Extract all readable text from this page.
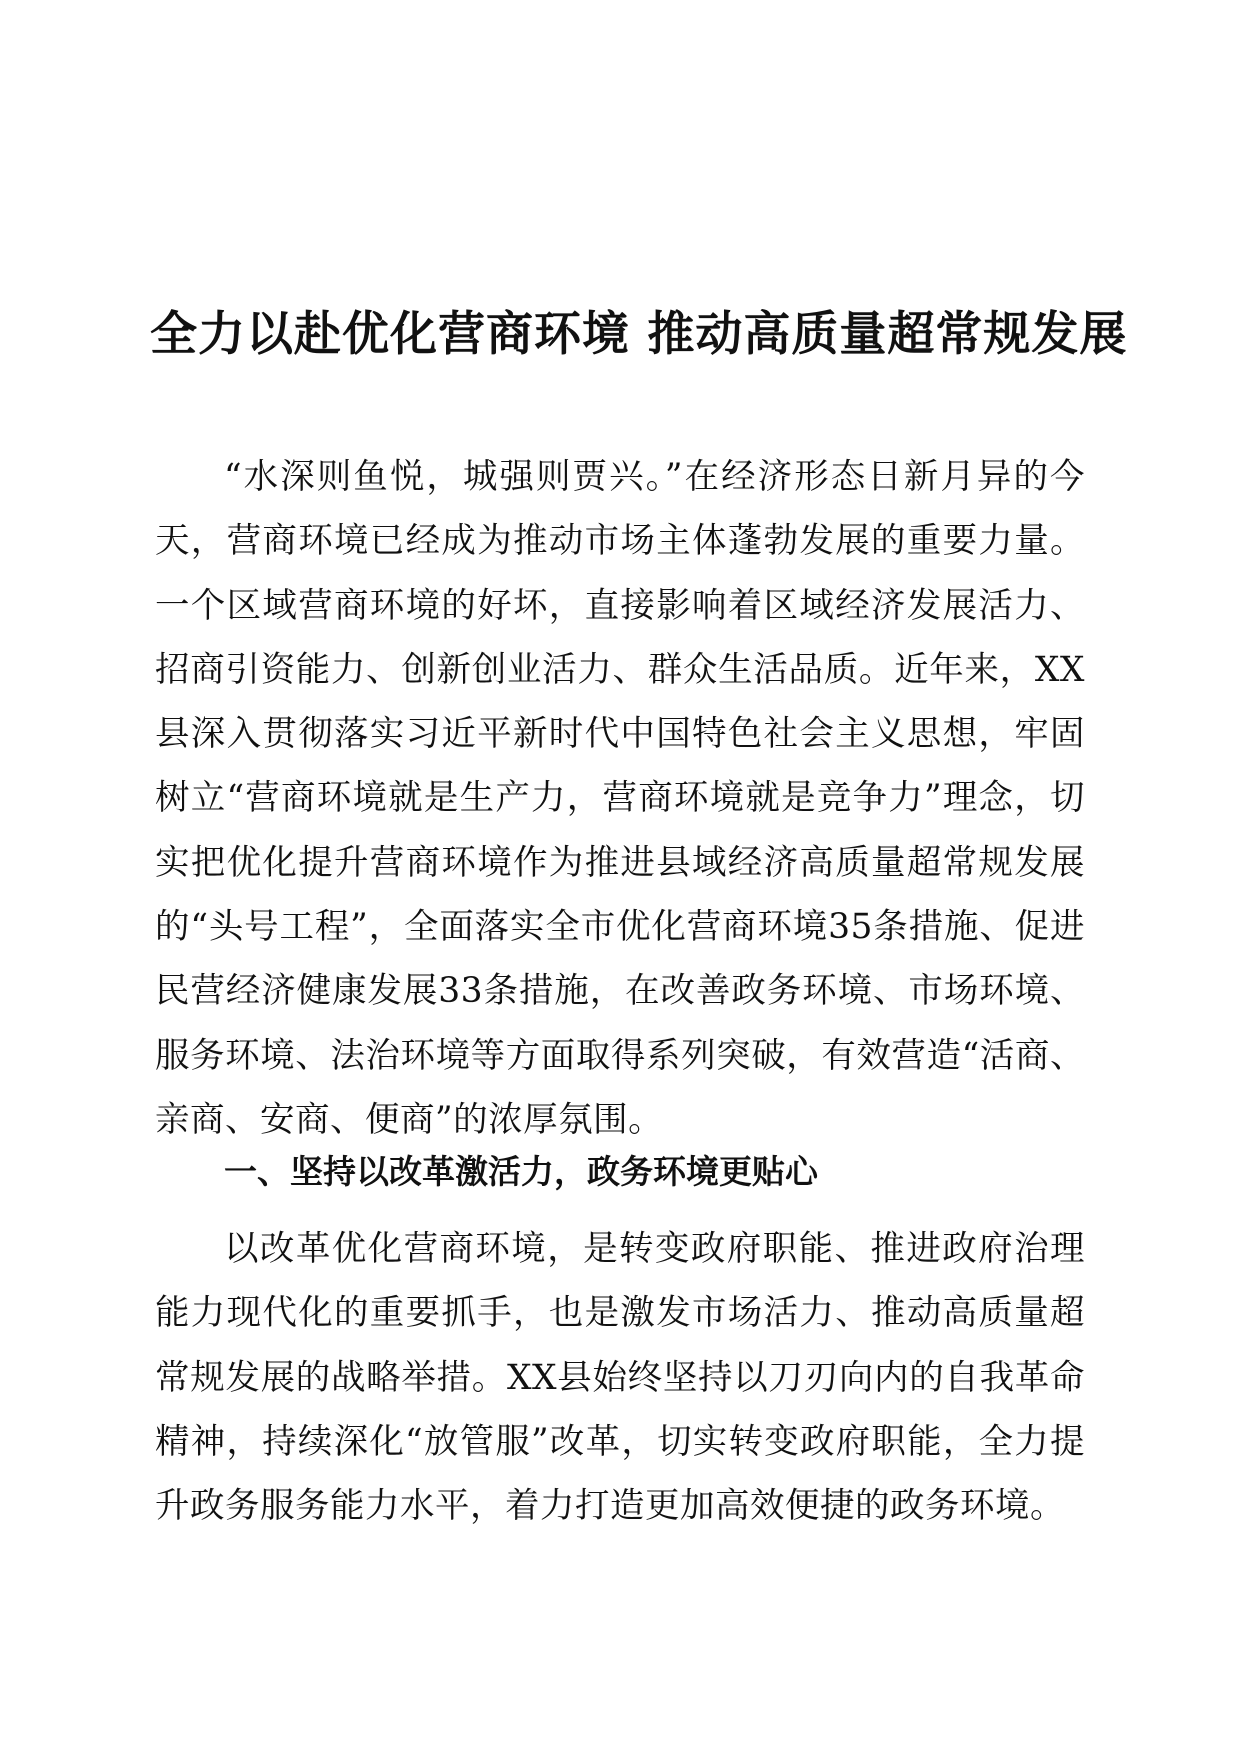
全力以赴优化营商环境 推动高质量超常规发展

“水深则鱼悦，城强则贾兴。”在经济形态日新月异的今天，营商环境已经成为推动市场主体蓬勃发展的重要力量。一个区域营商环境的好坏，直接影响着区域经济发展活力、招商引资能力、创新创业活力、群众生活品质。近年来，XX县深入贯彻落实习近平新时代中国特色社会主义思想，牢固树立“营商环境就是生产力，营商环境就是竞争力”理念，切实把优化提升营商环境作为推进县域经济高质量超常规发展的“头号工程”，全面落实全市优化营商环境35条措施、促进民营经济健康发展33条措施，在改善政务环境、市场环境、服务环境、法治环境等方面取得系列突破，有效营造“活商、亲商、安商、便商”的浓厚氛围。

一、坚持以改革激活力，政务环境更贴心

以改革优化营商环境，是转变政府职能、推进政府治理能力现代化的重要抓手，也是激发市场活力、推动高质量超常规发展的战略举措。XX县始终坚持以刀刃向内的自我革命精神，持续深化“放管服”改革，切实转变政府职能，全力提升政务服务能力水平，着力打造更加高效便捷的政务环境。
